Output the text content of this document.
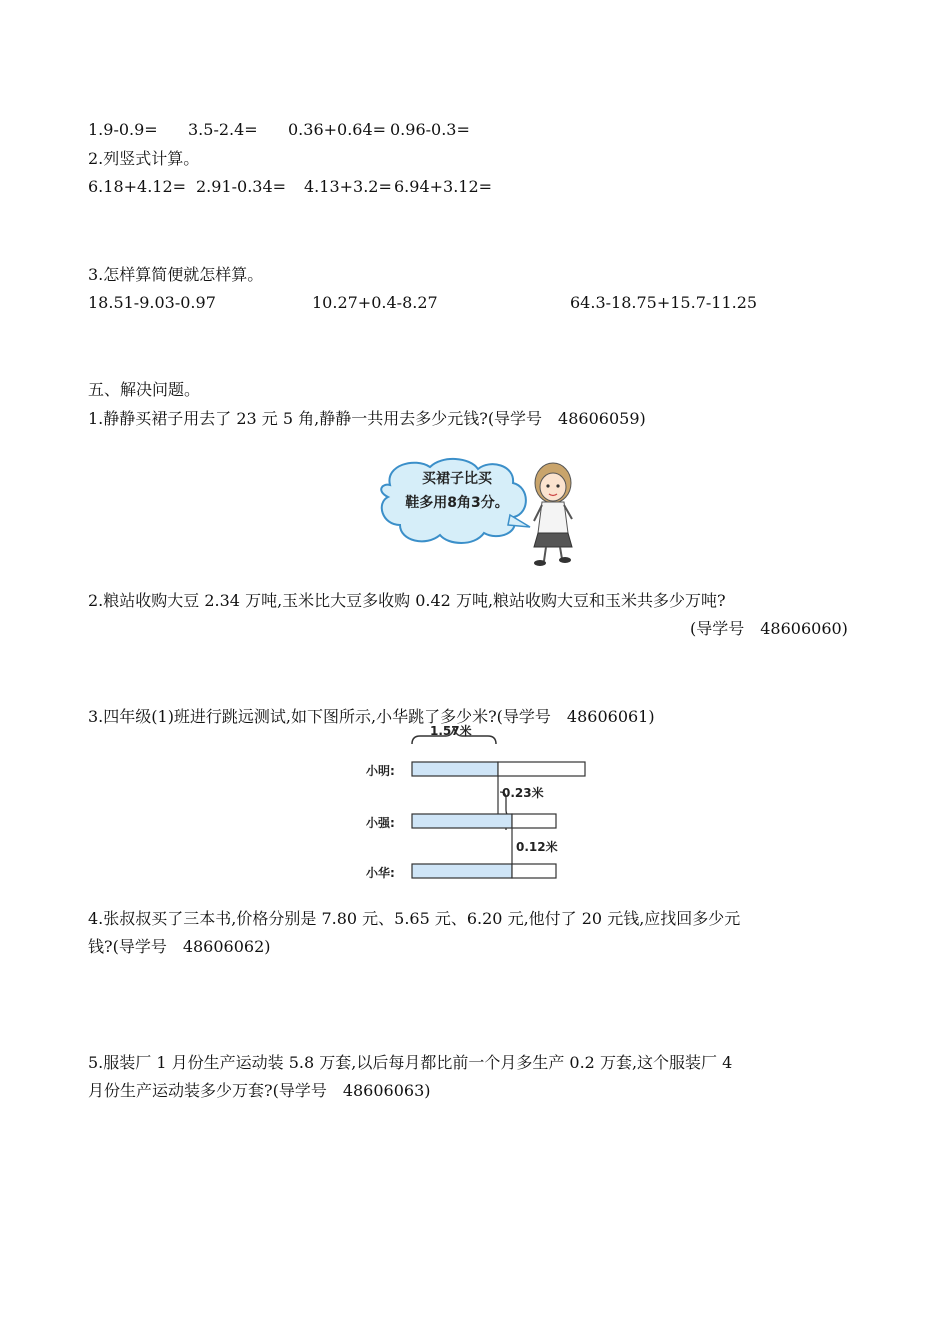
1.9-0.9= 3.5-2.4= 0.36+0.64= 0.96-0.3=
2.列竖式计算。
6.18+4.12= 2.91-0.34= 4.13+3.2= 6.94+3.12=
3.怎样算简便就怎样算。
18.51-9.03-0.97	10.27+0.4-8.27	64.3-18.75+15.7-11.25
五、解决问题。
1.静静买裙子用去了 23 元 5 角,静静一共用去多少元钱?(导学号　48606059)
买裙子比买
鞋多用8角3分。
2.粮站收购大豆 2.34 万吨,玉米比大豆多收购 0.42 万吨,粮站收购大豆和玉米共多少万吨?
(导学号　48606060)
3.四年级(1)班进行跳远测试,如下图所示,小华跳了多少米?(导学号　48606061)
1.57米
0.23米
0.12米
小明:
小强:
小华:
4.张叔叔买了三本书,价格分别是 7.80 元、5.65 元、6.20 元,他付了 20 元钱,应找回多少元
钱?(导学号　48606062)
5.服装厂 1 月份生产运动装 5.8 万套,以后每月都比前一个月多生产 0.2 万套,这个服装厂 4
月份生产运动装多少万套?(导学号　48606063)
